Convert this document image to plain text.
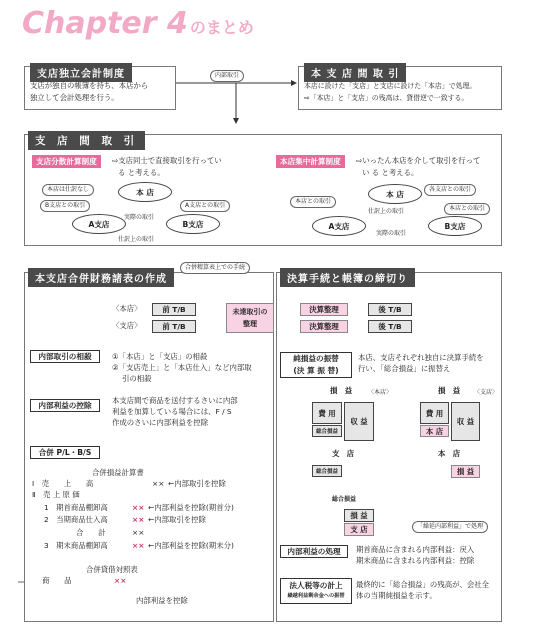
Chapter 4 のまとめ
支店独立会計制度
支店が独自の帳簿を持ち、本店から
独立して会計処理を行う。
内部取引	本 支 店 間 取 引
本店に設けた「支店」と支店に設けた「本店」で処理。
⇨「本店」と「支店」の残高は、貸借逆で一致する。
支 店 間 取 引
支店分散計算制度	⇨支店同士で直接取引を行ってい
る と考える。
本店は仕訳なし	本 店
B支店との取引	A支店との取引
実際の取引
A支店	B支店
仕訳上の取引
本店集中計算制度	⇨いったん本店を介して取引を行って
い る と考える。
本 店	各支店との取引
本店との取引
本店との取引
仕訳上の取引
A支店	B支店
実際の取引
本支店合併財務諸表の作成
合併精算表上での手続
〈本店〉
〈支店〉
前 T/B
前 T/B
未達取引の整理
内部取引の相殺	①「本店」と「支店」の相殺
②「支店売上」と「本店仕入」など内部取
引の相殺
内部利益の控除
本支店間で商品を送付するさいに内部
利益を加算している場合には、F / S
作成のさいに内部利益を控除
合併 P/L・B/S
合併損益計算書
Ⅰ　売　　上　　高	×× ←内部取引を控除
Ⅱ　売 上 原 価
1　期首商品棚卸高	×× ←内部利益を控除(期首分)
2　当期商品仕入高	×× ←内部取引を控除
合　　計	××
3　期末商品棚卸高	×× ←内部利益を控除(期末分)
合併貸借対照表
商　　品	××
内部利益を控除
決算手続と帳簿の締切り
決算整理
決算整理
後 T/B
後 T/B
純損益の振替
(決 算 振 替)
本店、支店それぞれ独自に決算手続を
行い、「総合損益」に振替え
損　益	〈本店〉
費 用
収 益
総合損益
損　益 〈支店〉
費 用
収 益
本 店
支　店
総合損益
本　店
損 益
総合損益
損 益
支 店	「繰延内部利益」で処理
内部利益の処理	期首商品に含まれる内部利益：戻入
期末商品に含まれる内部利益：控除
法人税等の計上
繰越利益剰余金への振替
最終的に「総合損益」の残高が、会社全
体の当期純損益を示す。
